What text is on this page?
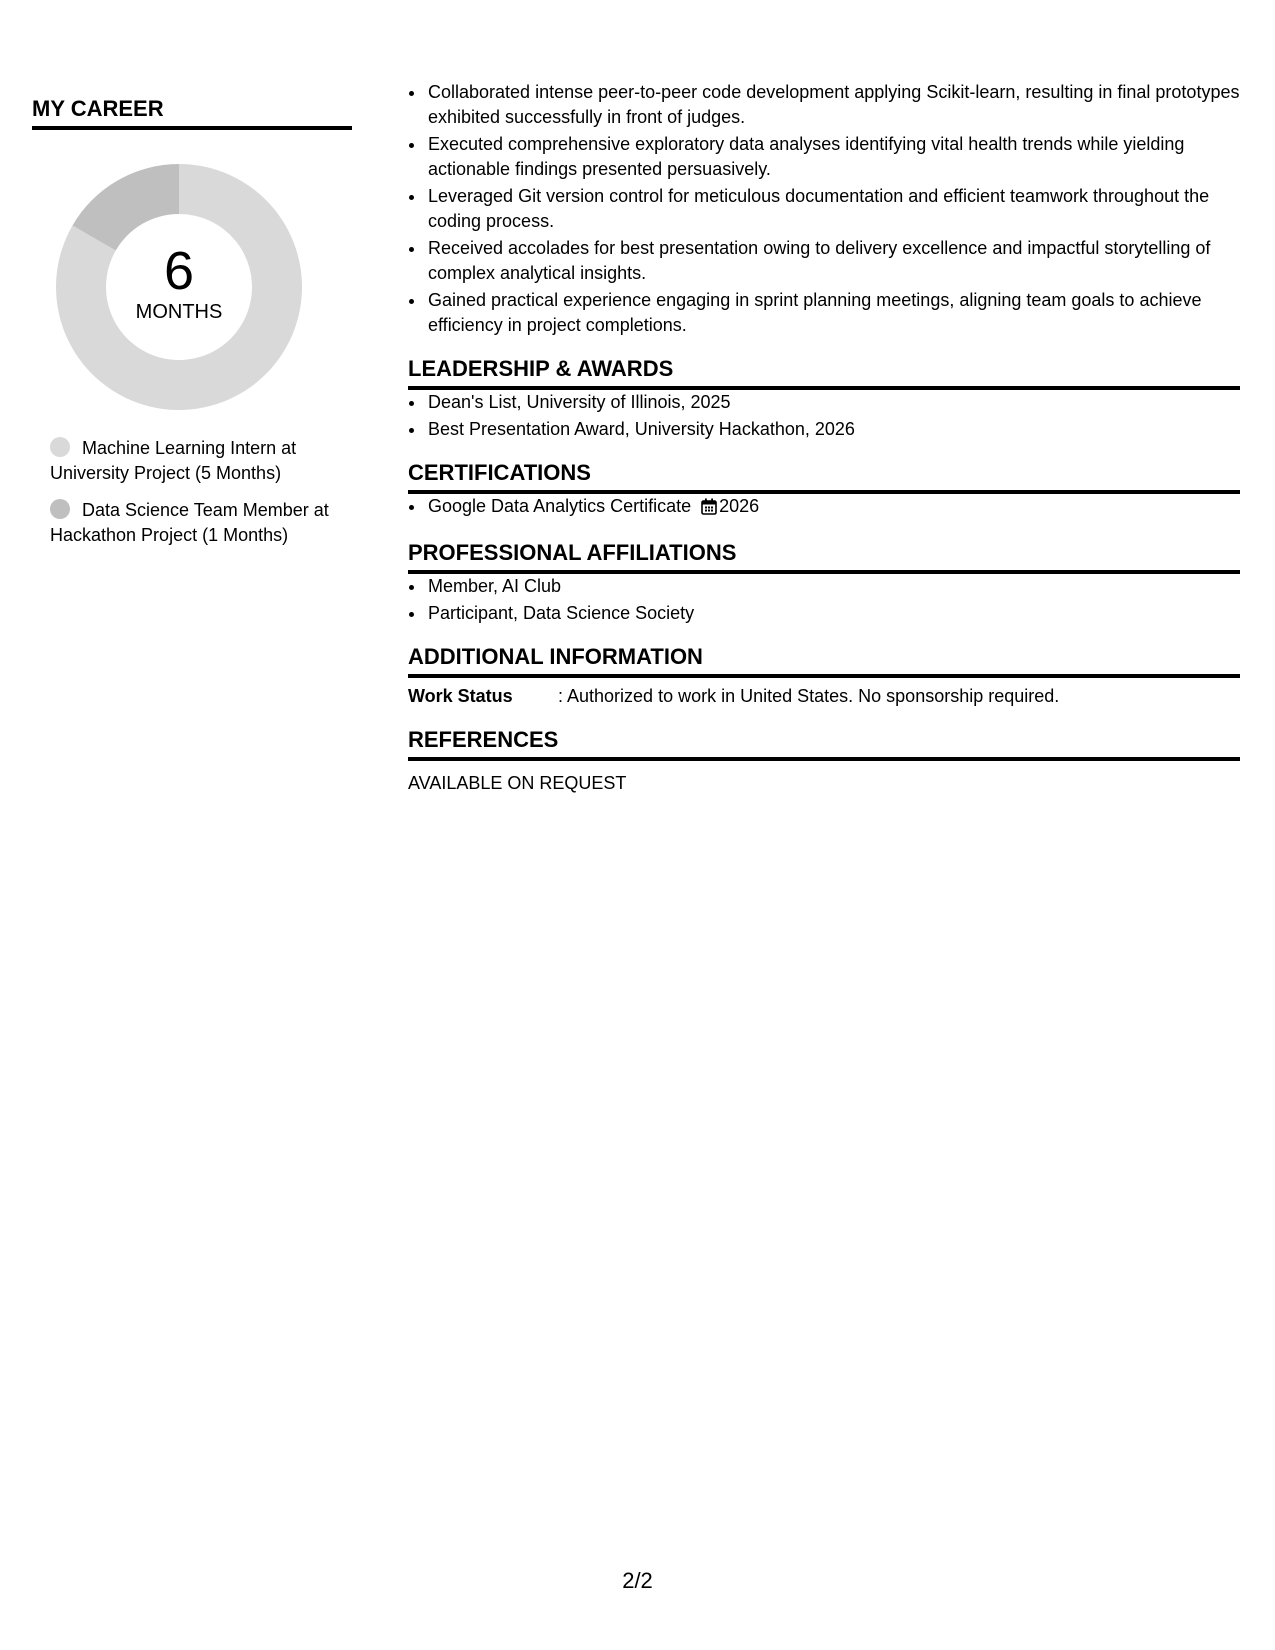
MY CAREER
6
MONTHS
Machine Learning Intern at University Project (5 Months)
Data Science Team Member at Hackathon Project (1 Months)
• Collaborated intense peer-to-peer code development applying Scikit-learn, resulting in final prototypes exhibited successfully in front of judges.
• Executed comprehensive exploratory data analyses identifying vital health trends while yielding actionable findings presented persuasively.
• Leveraged Git version control for meticulous documentation and efficient teamwork throughout the coding process.
• Received accolades for best presentation owing to delivery excellence and impactful storytelling of complex analytical insights.
• Gained practical experience engaging in sprint planning meetings, aligning team goals to achieve efficiency in project completions.
LEADERSHIP & AWARDS
• Dean's List, University of Illinois, 2025
• Best Presentation Award, University Hackathon, 2026
CERTIFICATIONS
• Google Data Analytics Certificate 2026
PROFESSIONAL AFFILIATIONS
• Member, AI Club
• Participant, Data Science Society
ADDITIONAL INFORMATION
Work Status	: Authorized to work in United States. No sponsorship required.
REFERENCES
AVAILABLE ON REQUEST
2/2
